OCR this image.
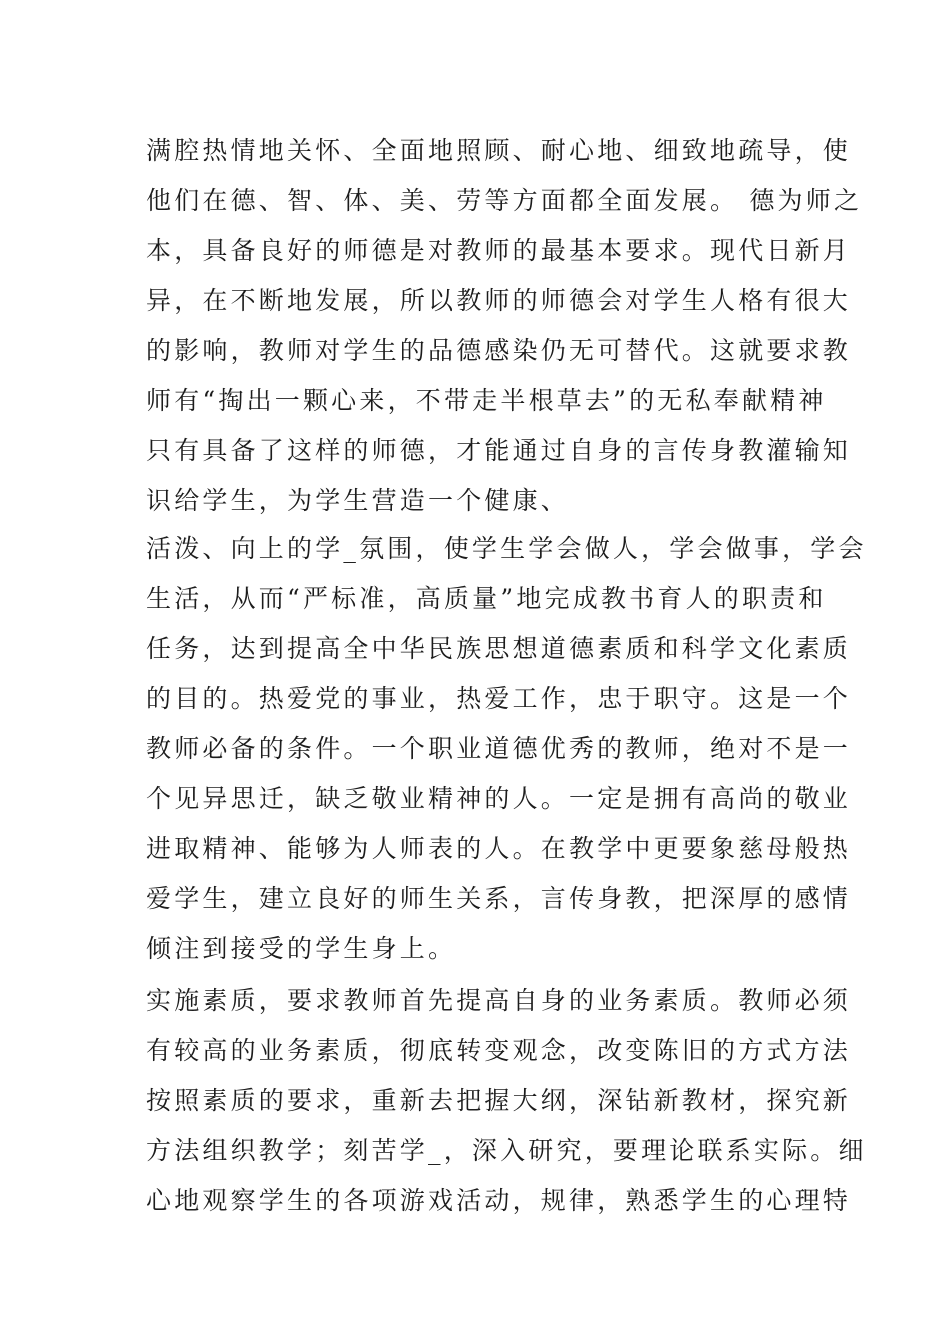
满腔热情地关怀、全面地照顾、耐心地、细致地疏导，使
他们在德、智、体、美、劳等方面都全面发展。 德为师之
本，具备良好的师德是对教师的最基本要求。现代日新月
异，在不断地发展，所以教师的师德会对学生人格有很大
的影响，教师对学生的品德感染仍无可替代。这就要求教
师有“掏出一颗心来，不带走半根草去”的无私奉献精神
只有具备了这样的师德，才能通过自身的言传身教灌输知
识给学生，为学生营造一个健康、
活泼、向上的学_氛围，使学生学会做人，学会做事，学会
生活，从而“严标准，高质量”地完成教书育人的职责和
任务，达到提高全中华民族思想道德素质和科学文化素质
的目的。热爱党的事业，热爱工作，忠于职守。这是一个
教师必备的条件。一个职业道德优秀的教师，绝对不是一
个见异思迁，缺乏敬业精神的人。一定是拥有高尚的敬业
进取精神、能够为人师表的人。在教学中更要象慈母般热
爱学生，建立良好的师生关系，言传身教，把深厚的感情
倾注到接受的学生身上。
实施素质，要求教师首先提高自身的业务素质。教师必须
有较高的业务素质，彻底转变观念，改变陈旧的方式方法
按照素质的要求，重新去把握大纲，深钻新教材，探究新
方法组织教学；刻苦学_，深入研究，要理论联系实际。细
心地观察学生的各项游戏活动，规律，熟悉学生的心理特
